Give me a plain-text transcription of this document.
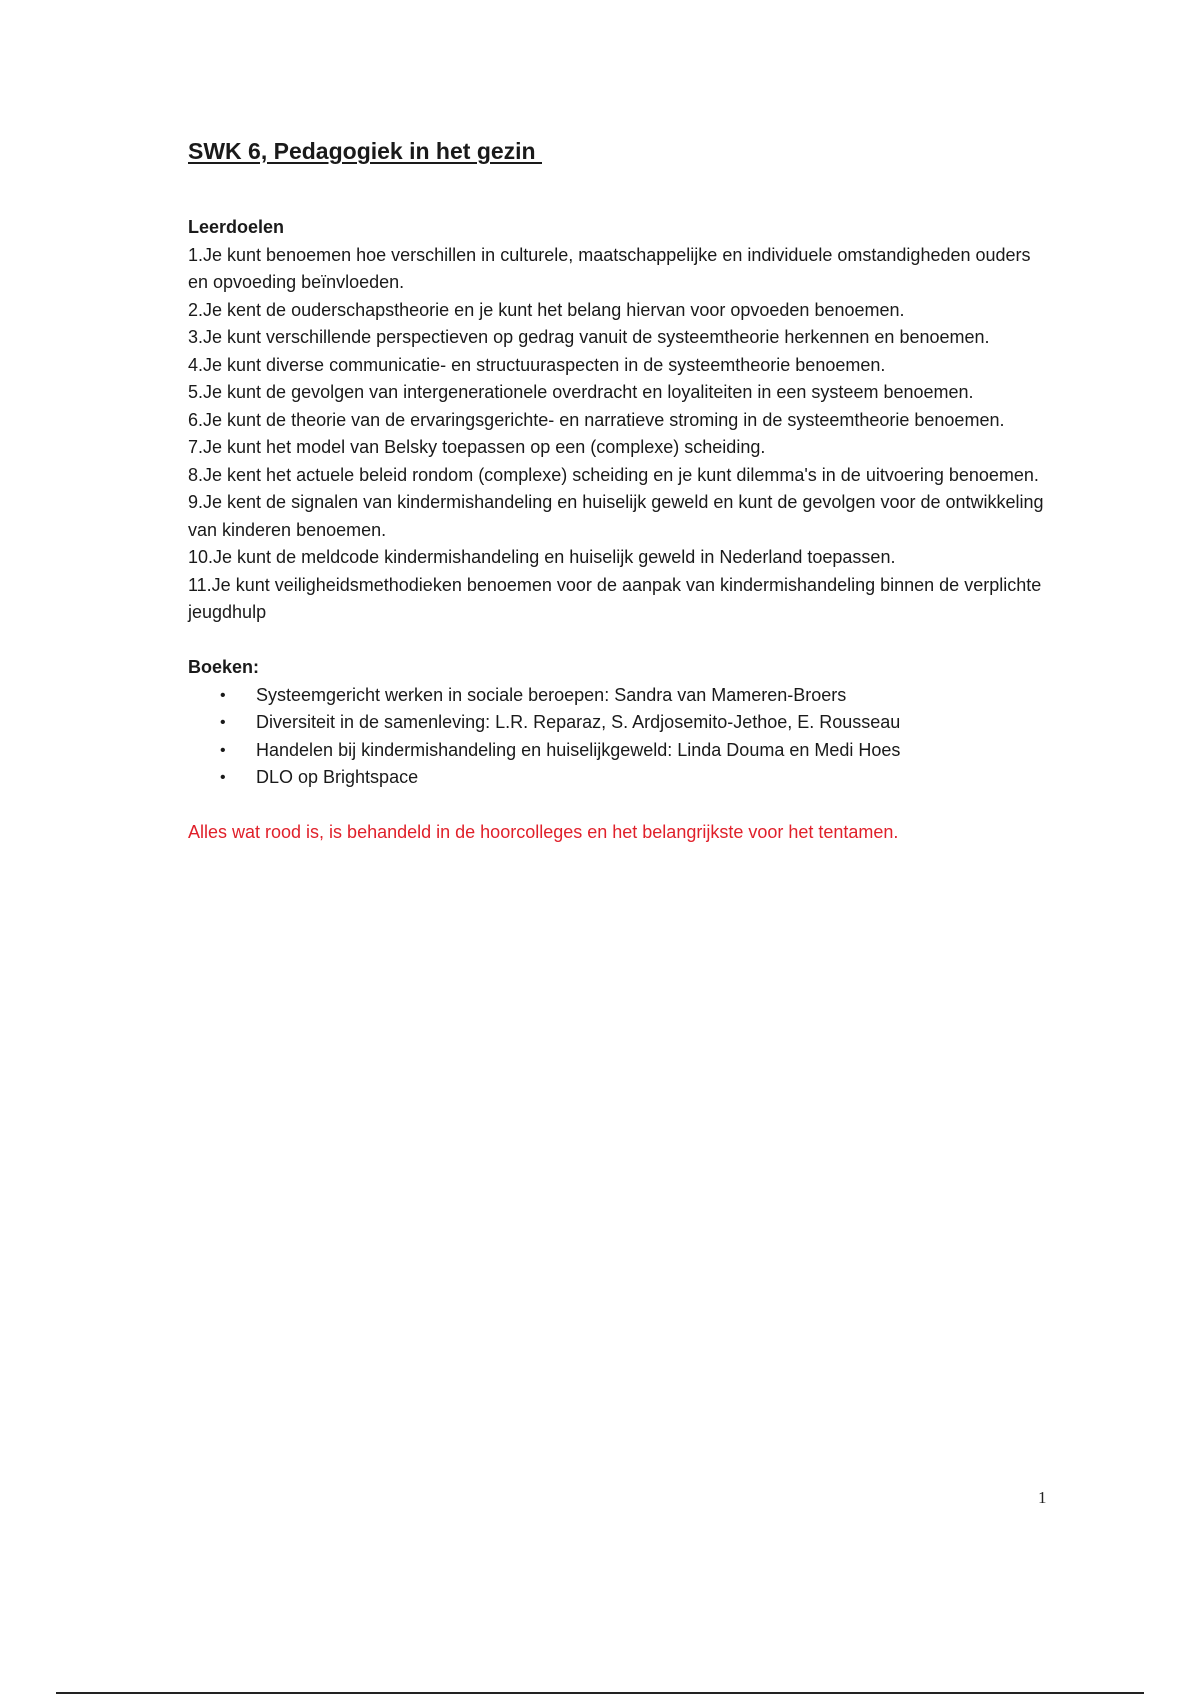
SWK 6, Pedagogiek in het gezin

Leerdoelen

1.Je kunt benoemen hoe verschillen in culturele, maatschappelijke en individuele omstandigheden ouders en opvoeding beïnvloeden.
2.Je kent de ouderschapstheorie en je kunt het belang hiervan voor opvoeden benoemen.
3.Je kunt verschillende perspectieven op gedrag vanuit de systeemtheorie herkennen en benoemen.
4.Je kunt diverse communicatie- en structuuraspecten in de systeemtheorie benoemen.
5.Je kunt de gevolgen van intergenerationele overdracht en loyaliteiten in een systeem benoemen.
6.Je kunt de theorie van de ervaringsgerichte- en narratieve stroming in de systeemtheorie benoemen.
7.Je kunt het model van Belsky toepassen op een (complexe) scheiding.
8.Je kent het actuele beleid rondom (complexe) scheiding en je kunt dilemma's in de uitvoering benoemen.
9.Je kent de signalen van kindermishandeling en huiselijk geweld en kunt de gevolgen voor de ontwikkeling van kinderen benoemen.
10.Je kunt de meldcode kindermishandeling en huiselijk geweld in Nederland toepassen.
11.Je kunt veiligheidsmethodieken benoemen voor de aanpak van kindermishandeling binnen de verplichte jeugdhulp

Boeken:

• Systeemgericht werken in sociale beroepen: Sandra van Mameren-Broers
• Diversiteit in de samenleving: L.R. Reparaz, S. Ardjosemito-Jethoe, E. Rousseau
• Handelen bij kindermishandeling en huiselijkgeweld: Linda Douma en Medi Hoes
• DLO op Brightspace

Alles wat rood is, is behandeld in de hoorcolleges en het belangrijkste voor het tentamen.

1
